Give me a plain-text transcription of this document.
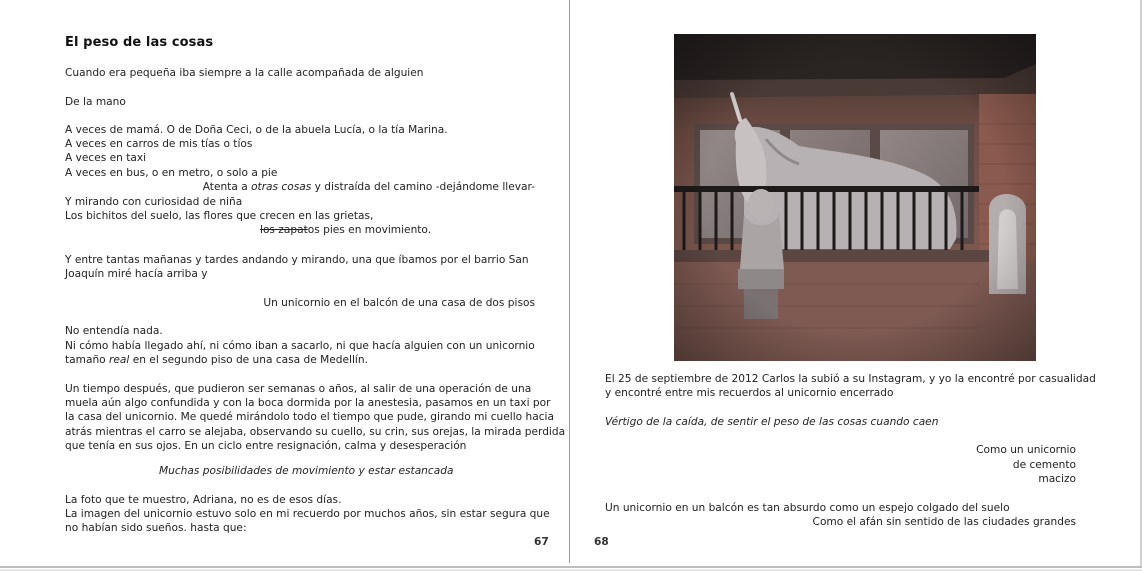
El peso de las cosas
Cuando era pequeña iba siempre a la calle acompañada de alguien
De la mano
A veces de mamá. O de Doña Ceci, o de la abuela Lucía, o la tía Marina.
A veces en carros de mis tías o tíos
A veces en taxi
A veces en bus, o en metro, o solo a pie
Atenta a otras cosas y distraída del camino -dejándome llevar-
Y mirando con curiosidad de niña
Los bichitos del suelo, las flores que crecen en las grietas,
los zapatos pies en movimiento.
Y entre tantas mañanas y tardes andando y mirando, una que íbamos por el barrio San
Joaquín miré hacía arriba y
Un unicornio en el balcón de una casa de dos pisos
No entendía nada.
Ni cómo había llegado ahí, ni cómo iban a sacarlo, ni que hacía alguien con un unicornio
tamaño real en el segundo piso de una casa de Medellín.
Un tiempo después, que pudieron ser semanas o años, al salir de una operación de una
muela aún algo confundida y con la boca dormida por la anestesia, pasamos en un taxi por
la casa del unicornio. Me quedé mirándolo todo el tiempo que pude, girando mi cuello hacia
atrás mientras el carro se alejaba, observando su cuello, su crin, sus orejas, la mirada perdida
que tenía en sus ojos. En un ciclo entre resignación, calma y desesperación
Muchas posibilidades de movimiento y estar estancada
La foto que te muestro, Adriana, no es de esos días.
La imagen del unicornio estuvo solo en mi recuerdo por muchos años, sin estar segura que
no habían sido sueños. hasta que:
67
El 25 de septiembre de 2012 Carlos la subió a su Instagram, y yo la encontré por casualidad
y encontré entre mis recuerdos al unicornio encerrado
Vértigo de la caída, de sentir el peso de las cosas cuando caen
Como un unicornio
de cemento
macizo
Un unicornio en un balcón es tan absurdo como un espejo colgado del suelo
Como el afán sin sentido de las ciudades grandes
68
